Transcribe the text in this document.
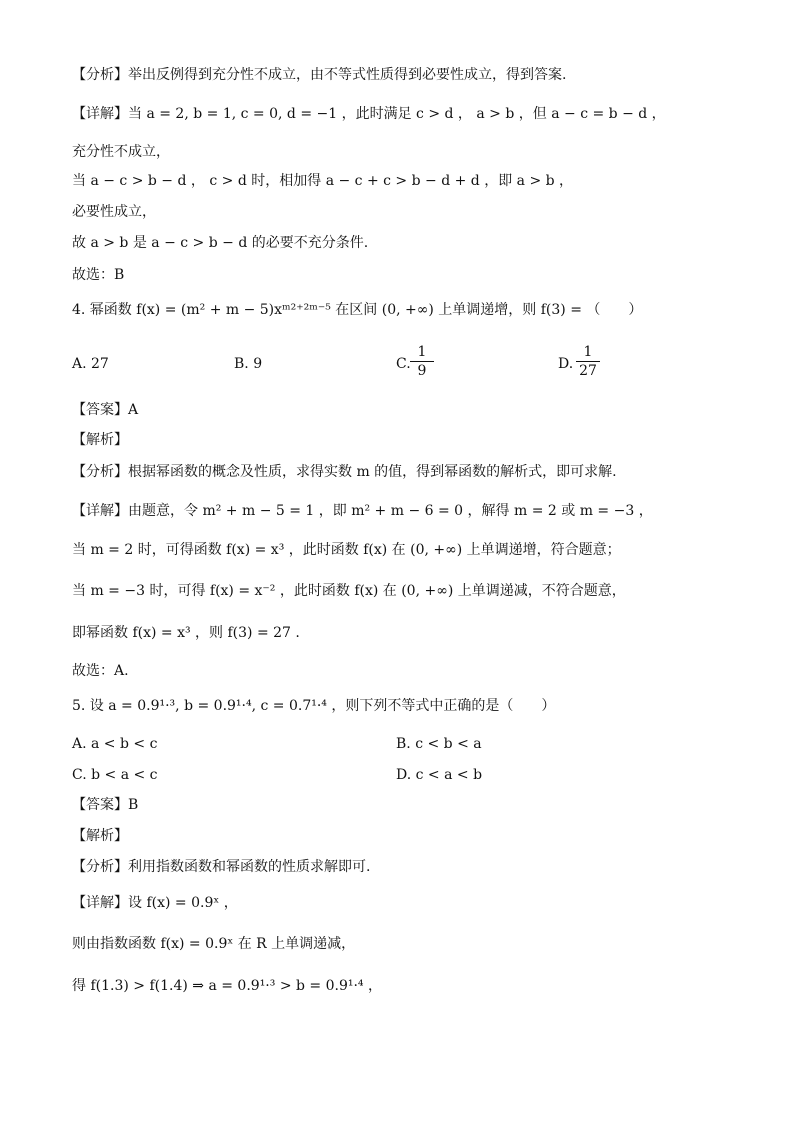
【分析】举出反例得到充分性不成立，由不等式性质得到必要性成立，得到答案.
【详解】当 a = 2, b = 1, c = 0, d = −1 ，此时满足 c > d ， a > b ，但 a − c = b − d ，
充分性不成立，
当 a − c > b − d ， c > d 时，相加得 a − c + c > b − d + d ，即 a > b ，
必要性成立，
故 a > b 是 a − c > b − d 的必要不充分条件.
故选：B
4. 幂函数 f(x) = (m² + m − 5)xᵐ²⁺²ᵐ⁻⁵ 在区间 (0, +∞) 上单调递增，则 f(3) = （　　）
A. 27	B. 9	C. $\frac{1}{9}$	D. $\frac{1}{27}$
【答案】A
【解析】
【分析】根据幂函数的概念及性质，求得实数 m 的值，得到幂函数的解析式，即可求解.
【详解】由题意，令 m² + m − 5 = 1 ，即 m² + m − 6 = 0 ，解得 m = 2 或 m = −3 ，
当 m = 2 时，可得函数 f(x) = x³ ，此时函数 f(x) 在 (0, +∞) 上单调递增，符合题意；
当 m = −3 时，可得 f(x) = x⁻² ，此时函数 f(x) 在 (0, +∞) 上单调递减，不符合题意，
即幂函数 f(x) = x³ ，则 f(3) = 27 .
故选：A.
5. 设 a = 0.9¹·³, b = 0.9¹·⁴, c = 0.7¹·⁴ ，则下列不等式中正确的是（　　）
A. a < b < c	B. c < b < a
C. b < a < c	D. c < a < b
【答案】B
【解析】
【分析】利用指数函数和幂函数的性质求解即可.
【详解】设 f(x) = 0.9ˣ ，
则由指数函数 f(x) = 0.9ˣ 在 R 上单调递减，
得 f(1.3) > f(1.4) ⇒ a = 0.9¹·³ > b = 0.9¹·⁴ ，
